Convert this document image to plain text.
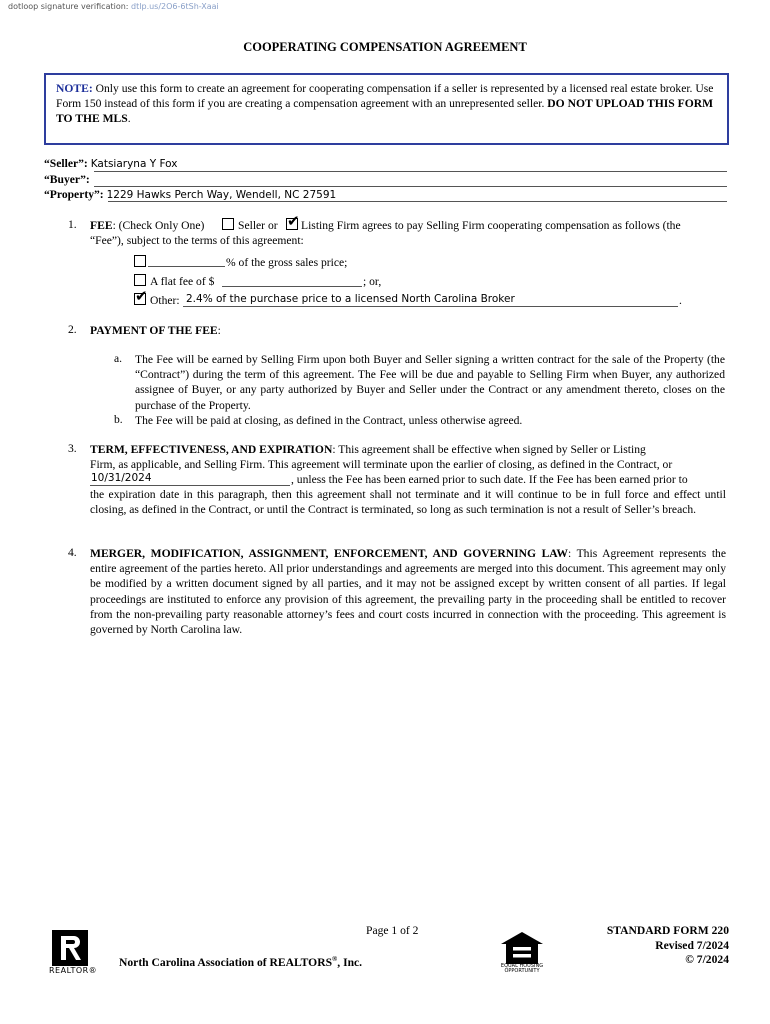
dotloop signature verification: dtlp.us/2O6-6tSh-Xaai
COOPERATING COMPENSATION AGREEMENT
NOTE: Only use this form to create an agreement for cooperating compensation if a seller is represented by a licensed real estate broker. Use Form 150 instead of this form if you are creating a compensation agreement with an unrepresented seller. DO NOT UPLOAD THIS FORM TO THE MLS.
“Seller”: Katsiaryna Y Fox
“Buyer”:
“Property”: 1229 Hawks Perch Way, Wendell, NC 27591
1. FEE: (Check Only One)	Seller or ✔ Listing Firm agrees to pay Selling Firm cooperating compensation as follows (the
“Fee”), subject to the terms of this agreement:
% of the gross sales price;
A flat fee of $	; or,
✔ Other: 2.4% of the purchase price to a licensed North Carolina Broker	.
2. PAYMENT OF THE FEE:
a. The Fee will be earned by Selling Firm upon both Buyer and Seller signing a written contract for the sale of the Property (the “Contract”) during the term of this agreement. The Fee will be due and payable to Selling Firm when Buyer, any authorized assignee of Buyer, or any party authorized by Buyer and Seller under the Contract or any amendment thereto, closes on the purchase of the Property.
b. The Fee will be paid at closing, as defined in the Contract, unless otherwise agreed.
3. TERM, EFFECTIVENESS, AND EXPIRATION: This agreement shall be effective when signed by Seller or Listing
Firm, as applicable, and Selling Firm. This agreement will terminate upon the earlier of closing, as defined in the Contract, or
10/31/2024	, unless the Fee has been earned prior to such date. If the Fee has been earned prior to
the expiration date in this paragraph, then this agreement shall not terminate and it will continue to be in full force and effect until closing, as defined in the Contract, or until the Contract is terminated, so long as such termination is not a result of Seller’s breach.
4. MERGER, MODIFICATION, ASSIGNMENT, ENFORCEMENT, AND GOVERNING LAW: This Agreement represents the entire agreement of the parties hereto. All prior understandings and agreements are merged into this document. This agreement may only be modified by a written document signed by all parties, and it may not be assigned except by written consent of all parties. If legal proceedings are instituted to enforce any provision of this agreement, the prevailing party in the proceeding shall be entitled to recover from the non-prevailing party reasonable attorney’s fees and court costs incurred in connection with the proceeding. This agreement is governed by North Carolina law.
Page 1 of 2
REALTOR®
North Carolina Association of REALTORS®, Inc.	EQUAL HOUSING OPPORTUNITY
STANDARD FORM 220
Revised 7/2024
© 7/2024
